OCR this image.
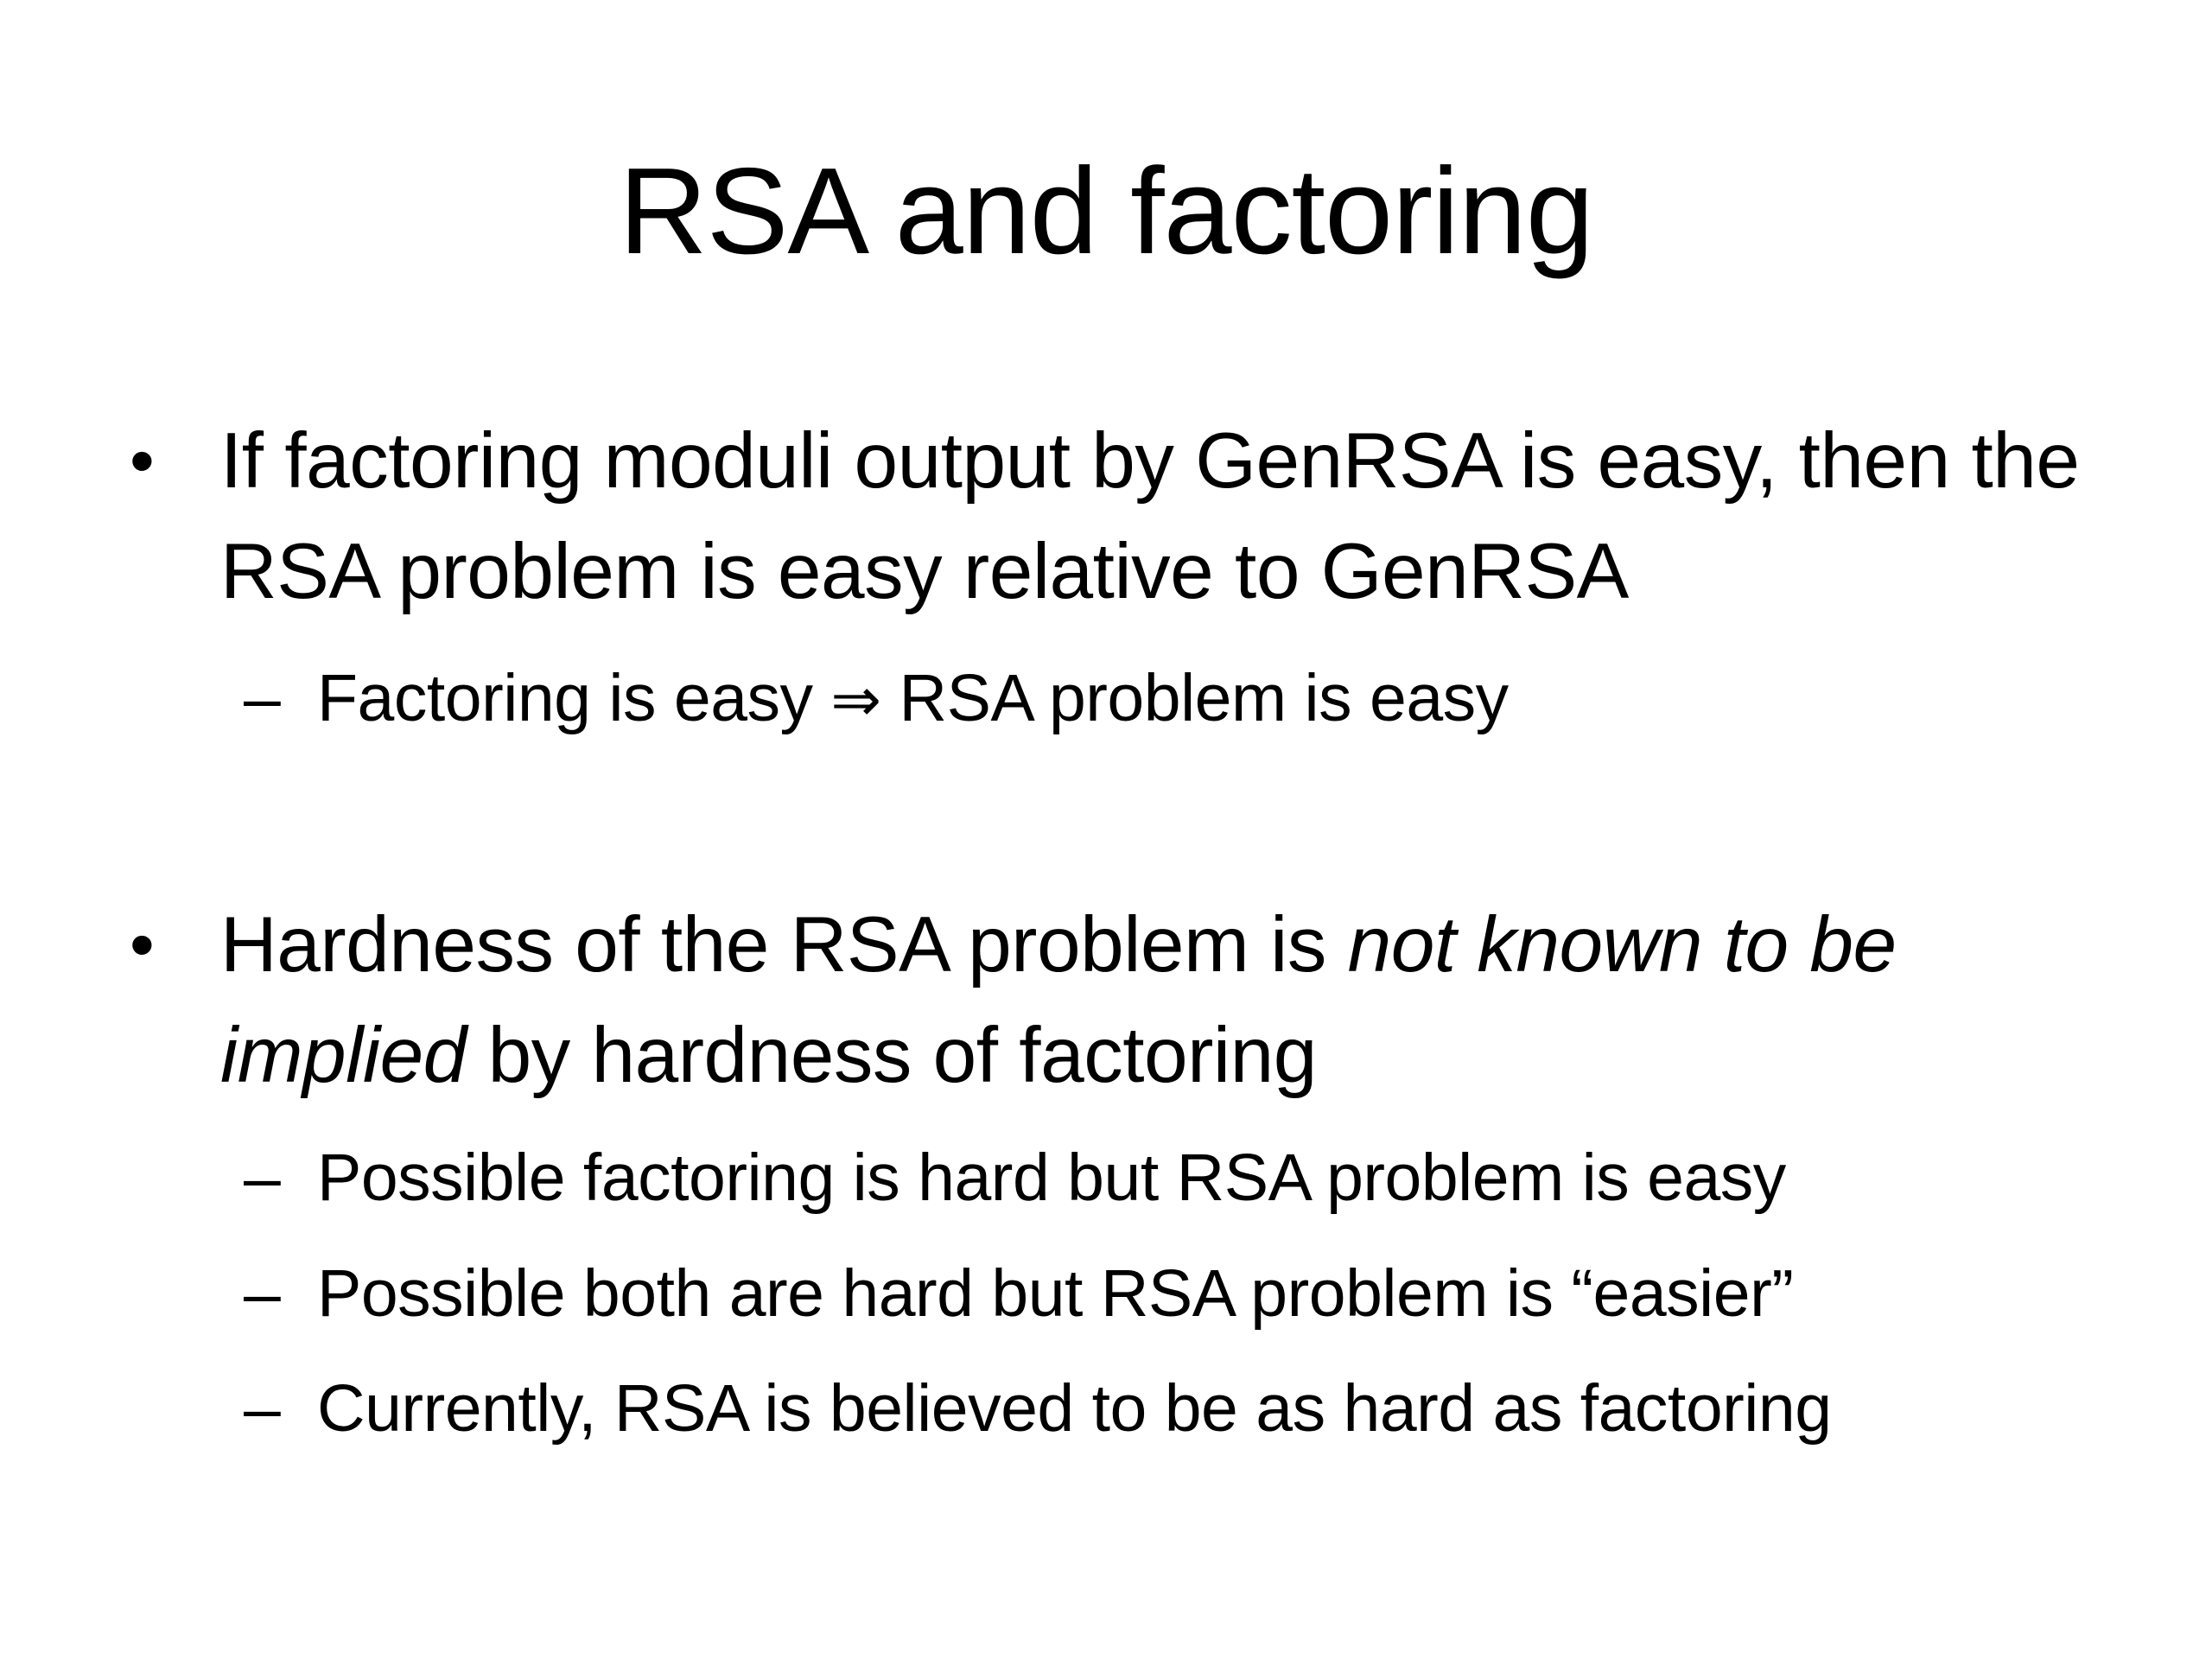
RSA and factoring
• If factoring moduli output by GenRSA is easy, then the RSA problem is easy relative to GenRSA
– Factoring is easy ⇒ RSA problem is easy
• Hardness of the RSA problem is not known to be implied by hardness of factoring
– Possible factoring is hard but RSA problem is easy
– Possible both are hard but RSA problem is “easier”
– Currently, RSA is believed to be as hard as factoring
